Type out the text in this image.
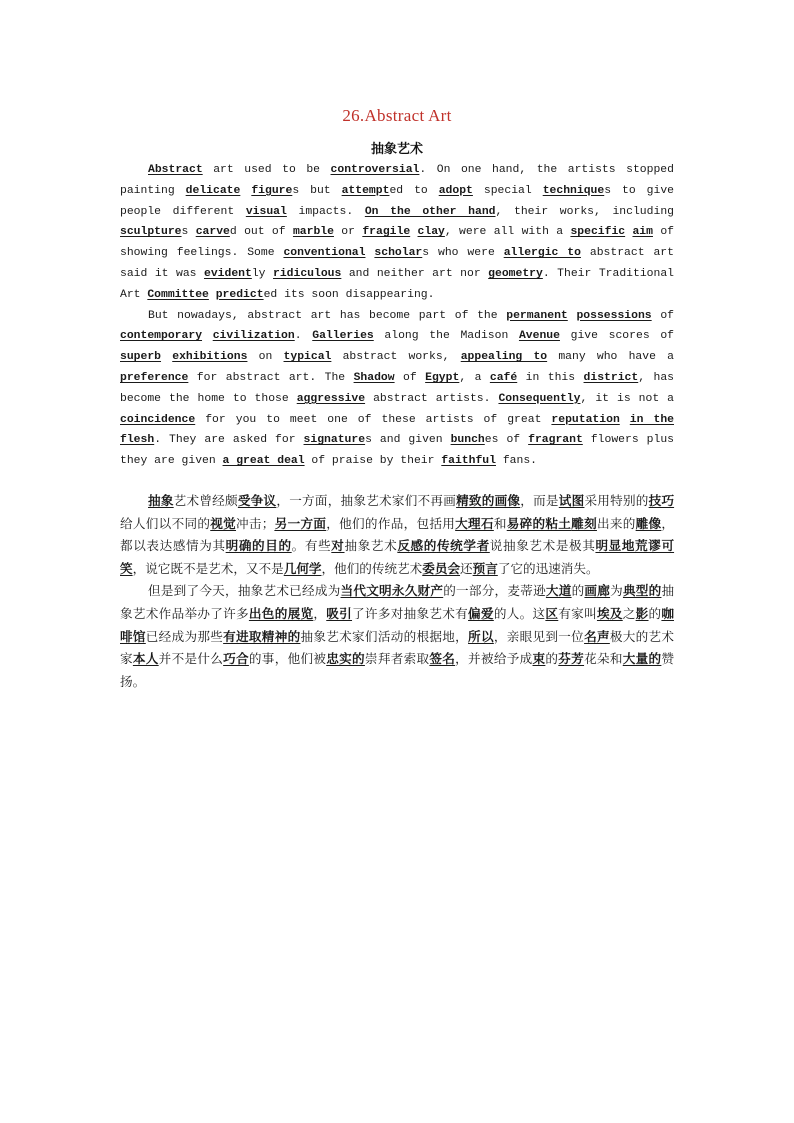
26.Abstract Art
抽象艺术

Abstract art used to be controversial. On one hand, the artists stopped painting delicate figures but attempted to adopt special techniques to give people different visual impacts. On the other hand, their works, including sculptures carved out of marble or fragile clay, were all with a specific aim of showing feelings. Some conventional scholars who were allergic to abstract art said it was evidently ridiculous and neither art nor geometry. Their Traditional Art Committee predicted its soon disappearing.

But nowadays, abstract art has become part of the permanent possessions of contemporary civilization. Galleries along the Madison Avenue give scores of superb exhibitions on typical abstract works, appealing to many who have a preference for abstract art. The Shadow of Egypt, a café in this district, has become the home to those aggressive abstract artists. Consequently, it is not a coincidence for you to meet one of these artists of great reputation in the flesh. They are asked for signatures and given bunches of fragrant flowers plus they are given a great deal of praise by their faithful fans.

抽象艺术曾经颇受争议，一方面，抽象艺术家们不再画精致的画像，而是试图采用特别的技巧给人们以不同的视觉冲击；另一方面，他们的作品，包括用大理石和易碎的粘土雕刻出来的雕像，都以表达感情为其明确的目的。有些对抽象艺术反感的传统学者说抽象艺术是极其明显地荒谬可笑，说它既不是艺术，又不是几何学，他们的传统艺术委员会还预言了它的迅速消失。

但是到了今天，抽象艺术已经成为当代文明永久财产的一部分，麦蒂逊大道的画廊为典型的抽象艺术作品举办了许多出色的展览，吸引了许多对抽象艺术有偏爱的人。这区有家叫埃及之影的咖啡馆已经成为那些有进取精神的抽象艺术家们活动的根据地，所以，亲眼见到一位名声极大的艺术家本人并不是什么巧合的事，他们被忠实的崇拜者索取签名，并被给予成束的芬芳花朵和大量的赞扬。
